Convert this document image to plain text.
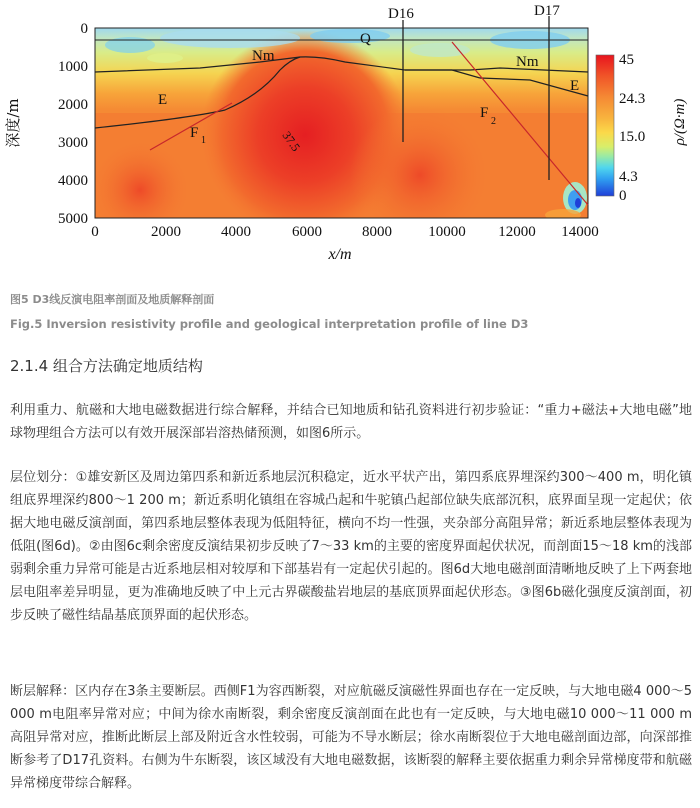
Q
D16	D17
Nm	Nm
E
E
F 1
F
2
37.5
0
1000
2000
3000
4000
5000
深度/m
0	2000	4000	6000	8000 10000 12000 14000
x/m
45
24.3
15.0
4.3
0
ρ/(Ω·m)
图5 D3线反演电阻率剖面及地质解释剖面
Fig.5 Inversion resistivity profile and geological interpretation profile of line D3
2.1.4 组合方法确定地质结构

利用重力、航磁和大地电磁数据进行综合解释，并结合已知地质和钻孔资料进行初步验证：“重力+磁法+大地电磁”地球物理组合方法可以有效开展深部岩溶热储预测，如图6所示。

层位划分：①雄安新区及周边第四系和新近系地层沉积稳定，近水平状产出，第四系底界埋深约300～400 m，明化镇组底界埋深约800～1 200 m；新近系明化镇组在容城凸起和牛驼镇凸起部位缺失底部沉积，底界面呈现一定起伏；依据大地电磁反演剖面，第四系地层整体表现为低阻特征，横向不均一性强，夹杂部分高阻异常；新近系地层整体表现为低阻(图6d)。②由图6c剩余密度反演结果初步反映了7～33 km的主要的密度界面起伏状况，而剖面15～18 km的浅部弱剩余重力异常可能是古近系地层相对较厚和下部基岩有一定起伏引起的。图6d大地电磁剖面清晰地反映了上下两套地层电阻率差异明显，更为准确地反映了中上元古界碳酸盐岩地层的基底顶界面起伏形态。③图6b磁化强度反演剖面，初步反映了磁性结晶基底顶界面的起伏形态。

断层解释：区内存在3条主要断层。西侧F1为容西断裂，对应航磁反演磁性界面也存在一定反映，与大地电磁4 000～5 000 m电阻率异常对应；中间为徐水南断裂，剩余密度反演剖面在此也有一定反映，与大地电磁10 000～11 000 m高阻异常对应，推断此断层上部及附近含水性较弱，可能为不导水断层；徐水南断裂位于大地电磁剖面边部，向深部推断参考了D17孔资料。右侧为牛东断裂，该区域没有大地电磁数据，该断裂的解释主要依据重力剩余异常梯度带和航磁异常梯度带综合解释。
